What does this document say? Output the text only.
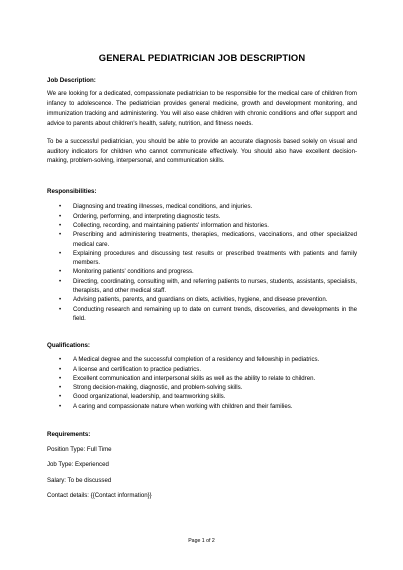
GENERAL PEDIATRICIAN JOB DESCRIPTION
Job Description:

We are looking for a dedicated, compassionate pediatrician to be responsible for the medical care of children from infancy to adolescence. The pediatrician provides general medicine, growth and development monitoring, and immunization tracking and administering. You will also ease children with chronic conditions and offer support and advice to parents about children's health, safety, nutrition, and fitness needs.

To be a successful pediatrician, you should be able to provide an accurate diagnosis based solely on visual and auditory indicators for children who cannot communicate effectively. You should also have excellent decision-making, problem-solving, interpersonal, and communication skills.

Responsibilities:
• Diagnosing and treating illnesses, medical conditions, and injuries.
• Ordering, performing, and interpreting diagnostic tests.
• Collecting, recording, and maintaining patients' information and histories.
• Prescribing and administering treatments, therapies, medications, vaccinations, and other specialized medical care.
• Explaining procedures and discussing test results or prescribed treatments with patients and family members.
• Monitoring patients' conditions and progress.
• Directing, coordinating, consulting with, and referring patients to nurses, students, assistants, specialists, therapists, and other medical staff.
• Advising patients, parents, and guardians on diets, activities, hygiene, and disease prevention.
• Conducting research and remaining up to date on current trends, discoveries, and developments in the field.
Qualifications:
• A Medical degree and the successful completion of a residency and fellowship in pediatrics.
• A license and certification to practice pediatrics.
• Excellent communication and interpersonal skills as well as the ability to relate to children.
• Strong decision-making, diagnostic, and problem-solving skills.
• Good organizational, leadership, and teamworking skills.
• A caring and compassionate nature when working with children and their families.
Requirements:
Position Type: Full Time
Job Type: Experienced
Salary: To be discussed
Contact details: {{Contact information}}
Page 1 of 2
